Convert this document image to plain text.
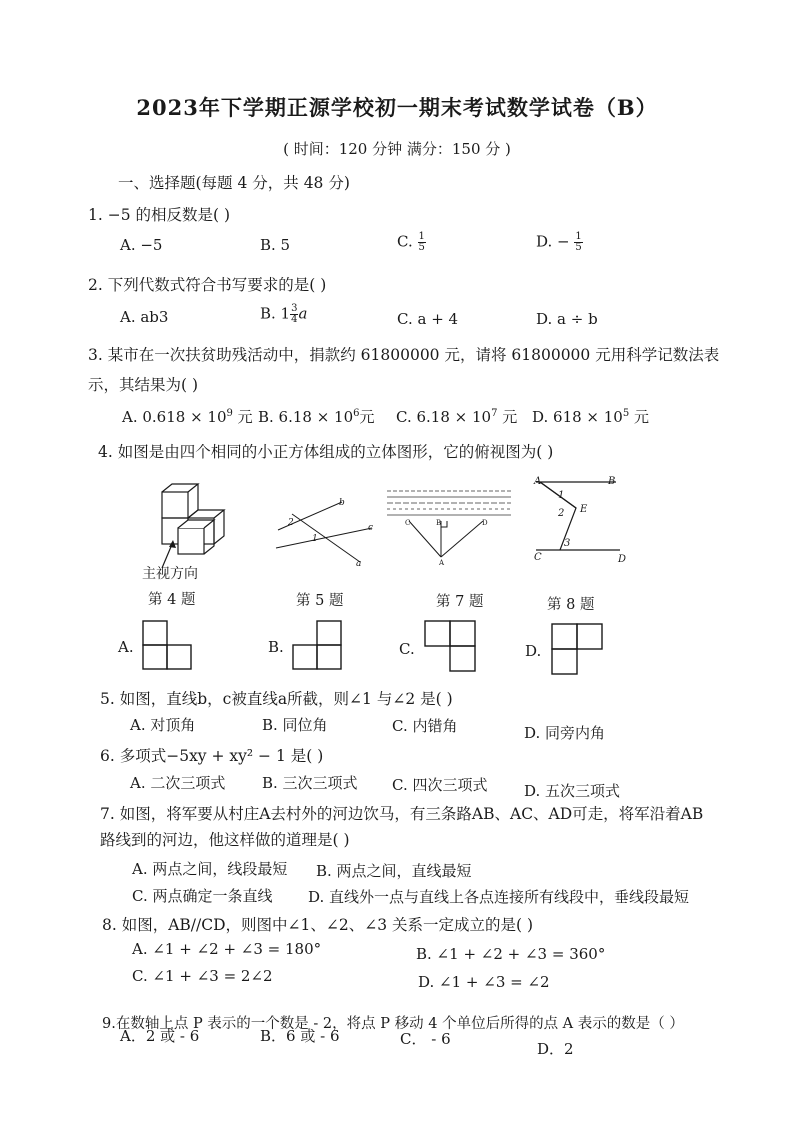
2023年下学期正源学校初一期末考试数学试卷（B）
( 时间：120 分钟 满分：150 分 )
一、选择题(每题 4 分，共 48 分)
1. −5 的相反数是( )
A. −5	B. 5	C. $\frac{1}{5}$	D. − $\frac{1}{5}$
2. 下列代数式符合书写要求的是( )
A. ab3	B. $1 \frac{3}{4}$ a	C. a + 4	D. a ÷ b
3. 某市在一次扶贫助残活动中，捐款约 61800000 元，请将 61800000 元用科学记数法表
示，其结果为( )
A. $0.618 \times 10^9$ 元 B. $6.18 \times 10^6$元 C. $6.18 \times 10^7$ 元 D. $618 \times 10^5$ 元
4. 如图是由四个相同的小正方体组成的立体图形，它的俯视图为( )
主视方向
b
2
1
c
a
C	B	D
A
A	B
1
2 E
3
C	D
第 4 题	第 5 题	第 7 题	第 8 题
A.	B.	C.	D.
5. 如图，直线b，c被直线a所截，则∠1 与∠2 是( )
A. 对顶角	B. 同位角	C. 内错角	D. 同旁内角
6. 多项式−5xy + xy² − 1 是( )
A. 二次三项式 B. 三次三项式 C. 四次三项式 D. 五次三项式
7. 如图，将军要从村庄A去村外的河边饮马，有三条路AB、AC、AD可走，将军沿着AB
路线到的河边，他这样做的道理是( )
A. 两点之间，线段最短 B. 两点之间，直线最短
C. 两点确定一条直线 D. 直线外一点与直线上各点连接所有线段中，垂线段最短
8. 如图，AB//CD，则图中∠1、∠2、∠3 关系一定成立的是( )
A. ∠1 + ∠2 + ∠3 = 180°	B. ∠1 + ∠2 + ∠3 = 360°
C. ∠1 + ∠3 = 2∠2	D. ∠1 + ∠3 = ∠2
9.在数轴上点 P 表示的一个数是 - 2，将点 P 移动 4 个单位后所得的点 A 表示的数是（ ）
A．2 或 - 6	B．6 或 - 6	C． - 6
D．2
